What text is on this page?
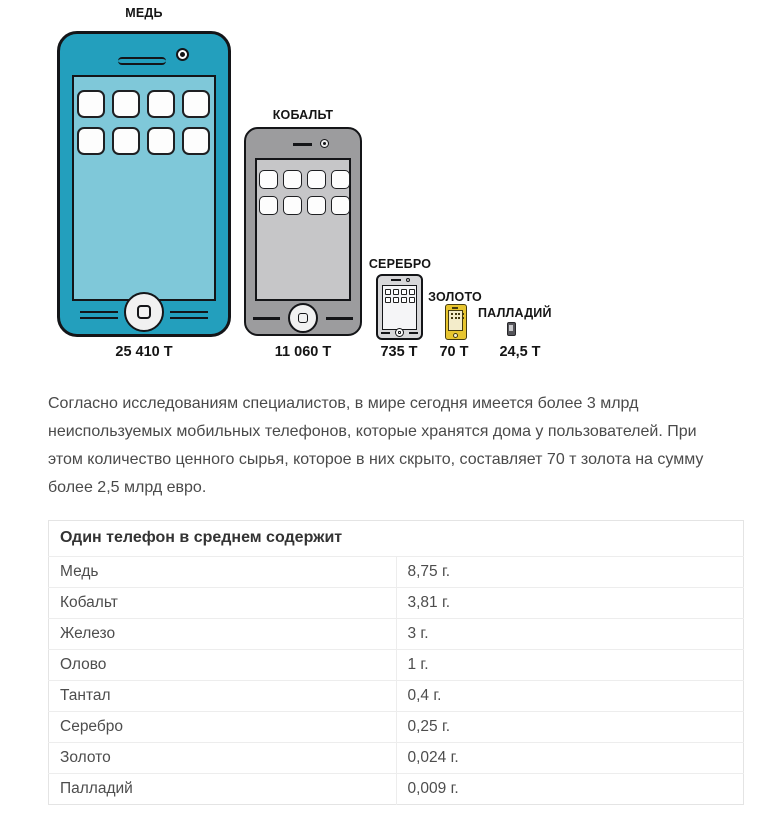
МЕДЬ
КОБАЛЬТ
СЕРЕБРО
ЗОЛОТО
ПАЛЛАДИЙ
25 410 Т	11 060 Т	735 Т	70 Т	24,5 Т

Согласно исследованиям специалистов, в мире сегодня имеется более 3 млрд неиспользуемых мобильных телефонов, которые хранятся дома у пользователей. При этом количество ценного сырья, которое в них скрыто, составляет 70 т золота на сумму более 2,5 млрд евро.

Один телефон в среднем содержит	
Медь	8,75 г.
Кобальт	3,81 г.
Железо	3 г.
Олово	1 г.
Тантал	0,4 г.
Серебро	0,25 г.
Золото	0,024 г.
Палладий	0,009 г.
